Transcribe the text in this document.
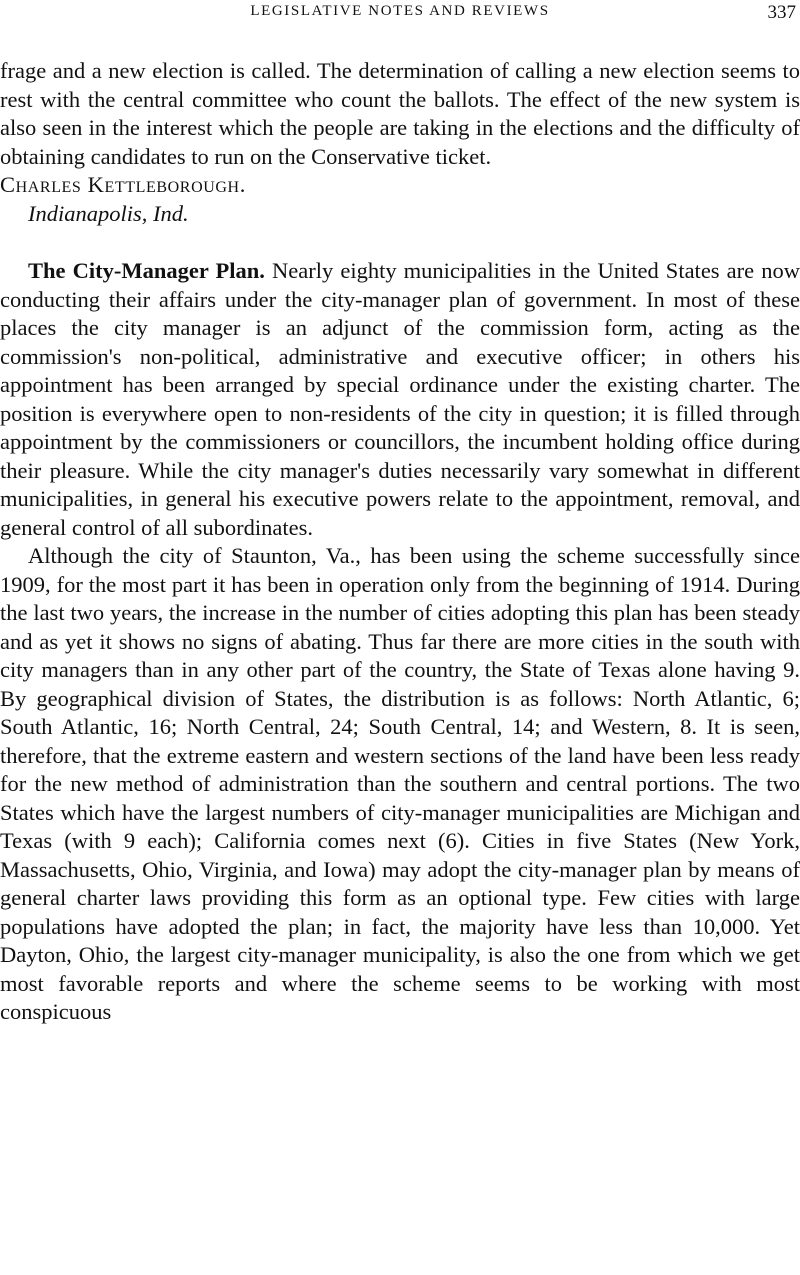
LEGISLATIVE NOTES AND REVIEWS	337

frage and a new election is called. The determination of calling a new election seems to rest with the central committee who count the ballots. The effect of the new system is also seen in the interest which the people are taking in the elections and the difficulty of obtaining candidates to run on the Conservative ticket.

Charles Kettleborough.

Indianapolis, Ind.

The City-Manager Plan. Nearly eighty municipalities in the United States are now conducting their affairs under the city-manager plan of government. In most of these places the city manager is an adjunct of the commission form, acting as the commission's non-political, administrative and executive officer; in others his appointment has been arranged by special ordinance under the existing charter. The position is everywhere open to non-residents of the city in question; it is filled through appointment by the commissioners or councillors, the incumbent holding office during their pleasure. While the city manager's duties necessarily vary somewhat in different municipalities, in general his executive powers relate to the appointment, removal, and general control of all subordinates.

Although the city of Staunton, Va., has been using the scheme successfully since 1909, for the most part it has been in operation only from the beginning of 1914. During the last two years, the increase in the number of cities adopting this plan has been steady and as yet it shows no signs of abating. Thus far there are more cities in the south with city managers than in any other part of the country, the State of Texas alone having 9. By geographical division of States, the distribution is as follows: North Atlantic, 6; South Atlantic, 16; North Central, 24; South Central, 14; and Western, 8. It is seen, therefore, that the extreme eastern and western sections of the land have been less ready for the new method of administration than the southern and central portions. The two States which have the largest numbers of city-manager municipalities are Michigan and Texas (with 9 each); California comes next (6). Cities in five States (New York, Massachusetts, Ohio, Virginia, and Iowa) may adopt the city-manager plan by means of general charter laws providing this form as an optional type. Few cities with large populations have adopted the plan; in fact, the majority have less than 10,000. Yet Dayton, Ohio, the largest city-manager municipality, is also the one from which we get most favorable reports and where the scheme seems to be working with most conspicuous
